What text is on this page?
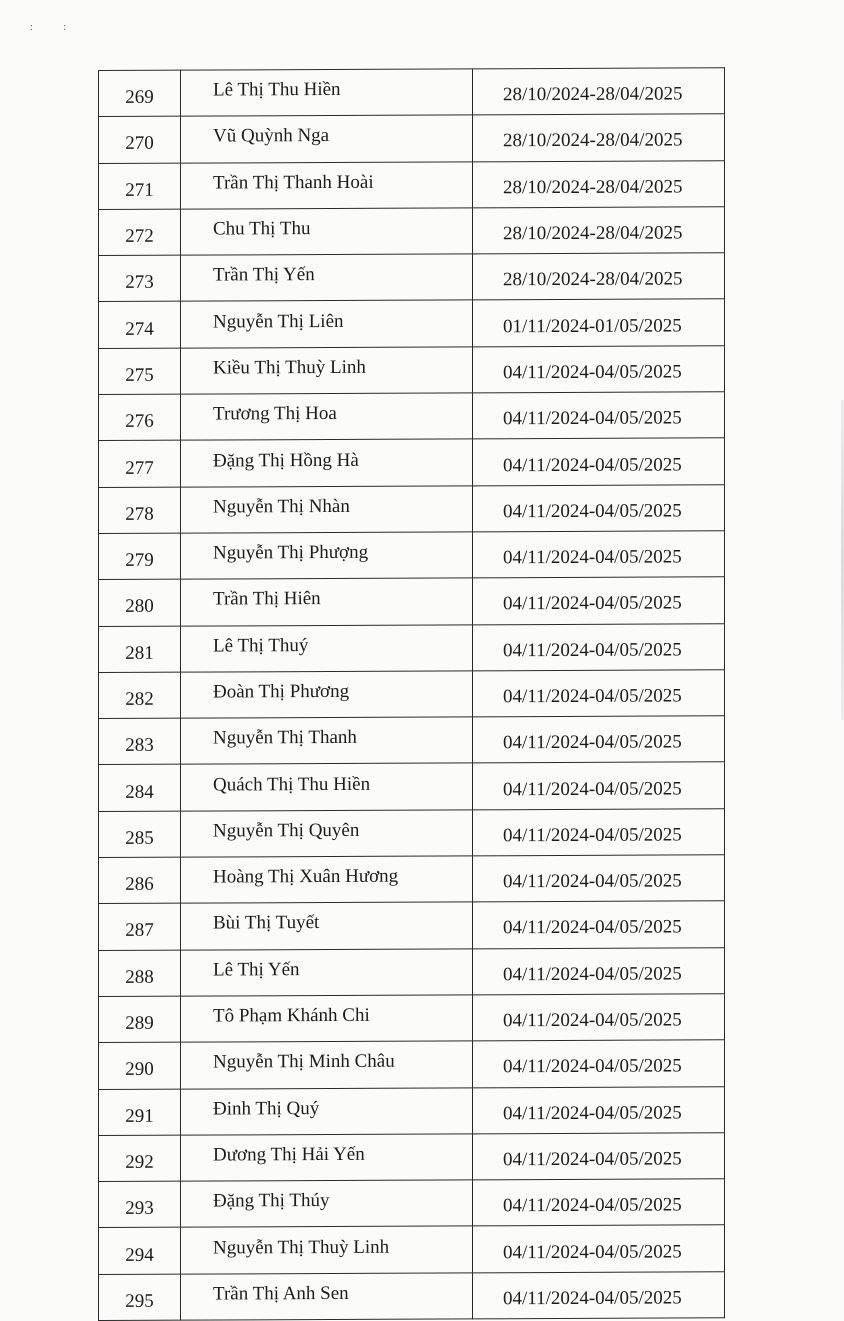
: :
269	Lê Thị Thu Hiền	28/10/2024-28/04/2025
270	Vũ Quỳnh Nga	28/10/2024-28/04/2025
271	Trần Thị Thanh Hoài	28/10/2024-28/04/2025
272	Chu Thị Thu	28/10/2024-28/04/2025
273	Trần Thị Yến	28/10/2024-28/04/2025
274	Nguyễn Thị Liên	01/11/2024-01/05/2025
275	Kiều Thị Thuỳ Linh	04/11/2024-04/05/2025
276	Trương Thị Hoa	04/11/2024-04/05/2025
277	Đặng Thị Hồng Hà	04/11/2024-04/05/2025
278	Nguyễn Thị Nhàn	04/11/2024-04/05/2025
279	Nguyễn Thị Phượng	04/11/2024-04/05/2025
280	Trần Thị Hiên	04/11/2024-04/05/2025
281	Lê Thị Thuý	04/11/2024-04/05/2025
282	Đoàn Thị Phương	04/11/2024-04/05/2025
283	Nguyễn Thị Thanh	04/11/2024-04/05/2025
284	Quách Thị Thu Hiền	04/11/2024-04/05/2025
285	Nguyễn Thị Quyên	04/11/2024-04/05/2025
286	Hoàng Thị Xuân Hương	04/11/2024-04/05/2025
287	Bùi Thị Tuyết	04/11/2024-04/05/2025
288	Lê Thị Yến	04/11/2024-04/05/2025
289	Tô Phạm Khánh Chi	04/11/2024-04/05/2025
290	Nguyễn Thị Minh Châu	04/11/2024-04/05/2025
291	Đinh Thị Quý	04/11/2024-04/05/2025
292	Dương Thị Hải Yến	04/11/2024-04/05/2025
293	Đặng Thị Thúy	04/11/2024-04/05/2025
294	Nguyễn Thị Thuỳ Linh	04/11/2024-04/05/2025
295	Trần Thị Anh Sen	04/11/2024-04/05/2025
